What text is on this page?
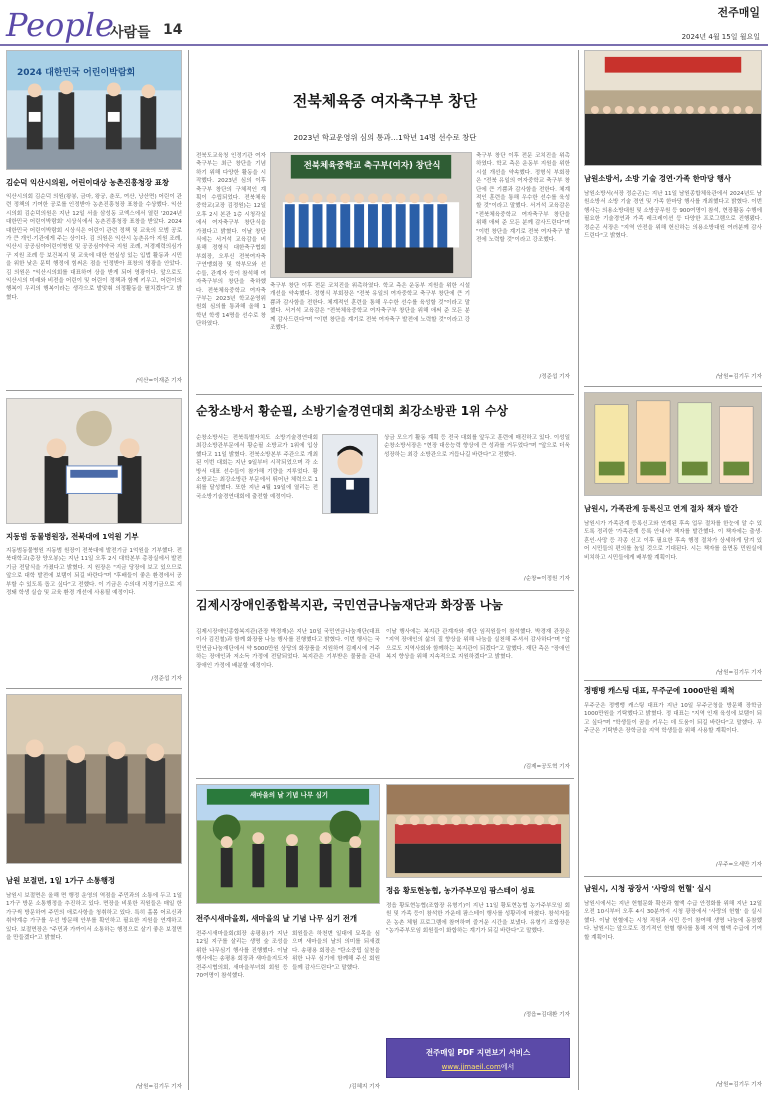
People
사람들 14
전주매일
2024년 4월 15일 월요일
2024 대한민국 어린이박람회
김순덕 익산시의원, 어린이대상 농촌진흥청장 표창
익산시의회 김순덕 의원(왕봉, 금마, 왕궁, 춘포, 여산, 낭산면) 어린이 관련 정책의 기여한 공로를 인정받아 농촌진흥청장 표창을 수상했다. 익산시의회 김순덕의원은 지난 12일 서울 삼성동 코엑스에서 열린 '2024년 대한민국 어린이박람회' 시상식에서 농촌진흥청장 표창을 받았다. 2024 대한민국 어린이박람회 시상식은 어린이 관련 정책 및 교육의 모범 공로가 큰 개인·기관에게 주는 상이다. 김 의원은 익산시 농촌유아 지원 조례, 익산시 공공심야어린이병원 및 공공심야약국 지원 조례, 저경제력의심가구 지원 조례 등 보건복지 및 교육에 대한 현실성 있는 입법 활동과 시민을 위한 낮은 문턱 행정에 힘써온 점을 인정받아 표창의 영광을 안았다. 김 의원은 "익산시의회를 대표하여 상을 받게 되어 영광이다. 앞으로도 익산시의 미래와 비전을 어린이 및 어린이 정책과 함께 키우고, 어린이의 행복이 우리의 행복이라는 생각으로 발맞춰 의정활동을 펼치겠다"고 밝혔다.
/익산=이재준 기자
지동범 동물병원장, 전북대에 1억원 기부
지동범동물병원 지동범 원장이 전북대에 발전기금 1억원을 기부했다. 전북대학교(총장 양오봉)는 지난 11일 오후 2시 대학본부 총장실에서 발전기금 전달식을 가졌다고 밝혔다. 지 원장은 "지금 당장에 보고 있으므로 앞으로 대학 발전에 보탬이 되길 바란다"며 "후배들이 좋은 환경에서 공부할 수 있도록 돕고 싶다"고 전했다. 이 기금은 수의대 지정기금으로 지정돼 학생 실습 및 교육 환경 개선에 사용될 예정이다.
/정준섭 기자
남원 보절면, 1일 1가구 소통행정
남원시 보절면은 올해 면 행정 운영의 역점을 주민과의 소통에 두고 1일 1가구 방문 소통행정을 추진하고 있다. 면장을 비롯한 직원들은 매일 한 가구씩 방문하여 주민의 애로사항을 청취하고 있다. 특히 홀몸 어르신과 취약계층 가구를 우선 방문해 안부를 확인하고 필요한 지원을 연계하고 있다. 보절면장은 "주민과 가까이서 소통하는 행정으로 살기 좋은 보절면을 만들겠다"고 밝혔다.
/남원=김기두 기자
전북체육중 여자축구부 창단
2023년 학교운영위 심의 통과…1학년 14명 선수로 창단
전북도교육청 인정기관 여자축구부는 최근 창단을 기념하기 위해 다양한 활동을 시작했다. 2023년 심의 이후 축구부 창단의 구체적인 계획이 수립되었다. 전북체육중학교(교장 김정원)는 12일 오후 2시 본관 1층 시청각실에서 여자축구부 창단식을 가졌다고 밝혔다. 이날 창단식에는 서거석 교육감을 비롯해 정형식 대한축구협회 부회장, 오루신 전북여자축구연맹회장 및 학부모와 선수들, 관계자 등이 참석해 여자축구부의 창단을 축하했다. 전북체육중학교 여자축구부는 2023년 학교운영위원회 심의를 통과해 올해 1학년 학생 14명을 선수로 창단하였다.
전북체육중학교 축구부(여자) 창단식
축구부 창단 이후 전문 코치진을 위촉하였다. 학교 측은 운동부 지원을 위한 시설 개선을 약속했다. 정형식 부회장은 "전북 유일의 여자중학교 축구부 창단에 큰 기쁨과 감사함을 전한다. 체계적인 훈련을 통해 우수한 선수를 육성할 것"이라고 말했다. 서거석 교육감은 "전북체육중학교 여자축구부 창단을 위해 애써 준 모든 분께 감사드린다"며 "이번 창단을 계기로 전북 여자축구 발전에 노력할 것"이라고 강조했다.
축구부 창단 이후 전문 코치진을 위촉하였다. 학교 측은 운동부 지원을 위한 시설 개선을 약속했다. 정형식 부회장은 "전북 유일의 여자중학교 축구부 창단에 큰 기쁨과 감사함을 전한다. 체계적인 훈련을 통해 우수한 선수를 육성할 것"이라고 말했다. 서거석 교육감은 "전북체육중학교 여자축구부 창단을 위해 애써 준 모든 분께 감사드린다"며 "이번 창단을 계기로 전북 여자축구 발전에 노력할 것"이라고 강조했다.
/정준섭 기자
순창소방서 황순필, 소방기술경연대회 최강소방관 1위 수상
순창소방서는 전북특별자치도 소방기술경연대회 최강소방관부문에서 황순필 소방교가 1위에 입상했다고 11일 밝혔다. 전북소방본부 주관으로 개최된 이번 대회는 지난 9일부터 시작되었으며 각 소방서 대표 선수들이 참가해 기량을 겨루었다. 황 소방교는 최강소방관 부문에서 뛰어난 체력으로 1위를 달성했다. 또한 지난 4월 19일에 열리는 전국소방기술경연대회에 출전할 예정이다.
상금 모으기 활동 계획 등 전국 대회를 앞두고 훈련에 매진하고 있다. 이성일 순창소방서장은 "현장 대응능력 향상에 큰 성과를 거두었다"며 "앞으로 더욱 성장하는 최강 소방관으로 거듭나길 바란다"고 전했다.
/순창=이정원 기자
김제시장애인종합복지관, 국민연금나눔재단과 화장품 나눔
김제시장애인종합복지관(관장 박경재)은 지난 10일 국민연금나눔재단(대표이사 김진철)과 함께 화장품 나눔 행사를 진행했다고 밝혔다. 이번 행사는 국민연금나눔재단에서 약 5000만원 상당의 화장품을 지원하여 김제시에 거주하는 장애인과 저소득 가정에 전달되었다. 복지관은 기부받은 물품을 관내 장애인 가정에 배분할 예정이다.
이날 행사에는 복지관 관계자와 재단 임직원들이 참석했다. 박경재 관장은 "지역 장애인의 삶의 질 향상을 위해 나눔을 실천해 주셔서 감사하다"며 "앞으로도 지역사회와 함께하는 복지관이 되겠다"고 말했다. 재단 측은 "장애인 복지 향상을 위해 지속적으로 지원하겠다"고 밝혔다.
/김제=공도혁 기자
새마을의 날 기념 나무 심기
전주시새마을회, 새마을의 날 기념 나무 심기 전개
전주시새마을회(회장 송평용)가 지난 12일 지구를 살리는 생명 숲 조성을 위한 나무심기 행사를 진행했다. 이날 행사에는 송평용 회장과 새마을지도자 전주시협의회, 새마을부녀회 회원 등 70여명이 참석했다.
회원들은 하천변 일대에 묘목을 심으며 새마을의 날의 의미를 되새겼다. 송평용 회장은 "탄소중립 실천을 위한 나무 심기에 함께해 주신 회원들께 감사드린다"고 말했다.
/김혜지 기자
정읍 황토현농협, 농가주부모임 팜스테이 성료
정읍 황토현농협(조합장 유형기)이 지난 11일 황토현농협 농가주부모임 회원 및 가족 등이 참석한 가운데 팜스테이 행사를 성황리에 마쳤다. 참석자들은 농촌 체험 프로그램에 참여하며 즐거운 시간을 보냈다. 유형기 조합장은 "농가주부모임 회원들이 화합하는 계기가 되길 바란다"고 말했다.
/정읍=김대환 기자
전주매일 PDF 지면보기 서비스
www.jjmaeil.com에서
남원소방서, 소방 기술 경연·가족 한마당 행사
남원소방서(서장 정순곤)는 지난 11일 남원종합체육관에서 2024년도 남원소방서 소방 기술 경연 및 가족 한마당 행사를 개최했다고 밝혔다. 이번 행사는 의용소방대원 및 소방공무원 등 900여명이 참석, 현장활동 수행에 필요한 기술경연과 가족 레크레이션 등 다양한 프로그램으로 진행됐다. 정순곤 서장은 "지역 안전을 위해 헌신하는 의용소방대원 여러분께 감사드린다"고 밝혔다.
/남원=김기두 기자
남원시, 가족관계 등록신고 연계 절차 책자 발간
남원시가 가족관계 등록신고와 연계된 후속 업무 절차를 한눈에 알 수 있도록 정리한 '가족관계 등록 안내서' 책자를 발간했다. 이 책자에는 출생·혼인·사망 등 각종 신고 이후 필요한 후속 행정 절차가 상세하게 담겨 있어 시민들의 편의를 높일 것으로 기대된다. 시는 책자를 읍면동 민원실에 비치하고 시민들에게 배부할 계획이다.
/남원=김기두 기자
정뱅뱅 캐스팅 대표, 무주군에 1000만원 쾌척
무주군은 정뱅뱅 캐스팅 대표가 지난 10일 무주군청을 방문해 장학금 1000만원을 기탁했다고 밝혔다. 정 대표는 "지역 인재 육성에 보탬이 되고 싶다"며 "학생들이 꿈을 키우는 데 도움이 되길 바란다"고 말했다. 무주군은 기탁받은 장학금을 지역 학생들을 위해 사용할 계획이다.
/무주=오세만 기자
남원시, 시청 광장서 '사랑의 헌혈' 실시
남원시에서는 지난 헌혈문화 확산과 혈액 수급 안정화를 위해 지난 12일 오전 10시부터 오후 4시 30분까지 시청 광장에서 '사랑의 헌혈' 을 실시했다. 이날 헌혈에는 시청 직원과 시민 등이 참여해 생명 나눔에 동참했다. 남원시는 앞으로도 정기적인 헌혈 행사를 통해 지역 혈액 수급에 기여할 계획이다.
/남원=김기두 기자
